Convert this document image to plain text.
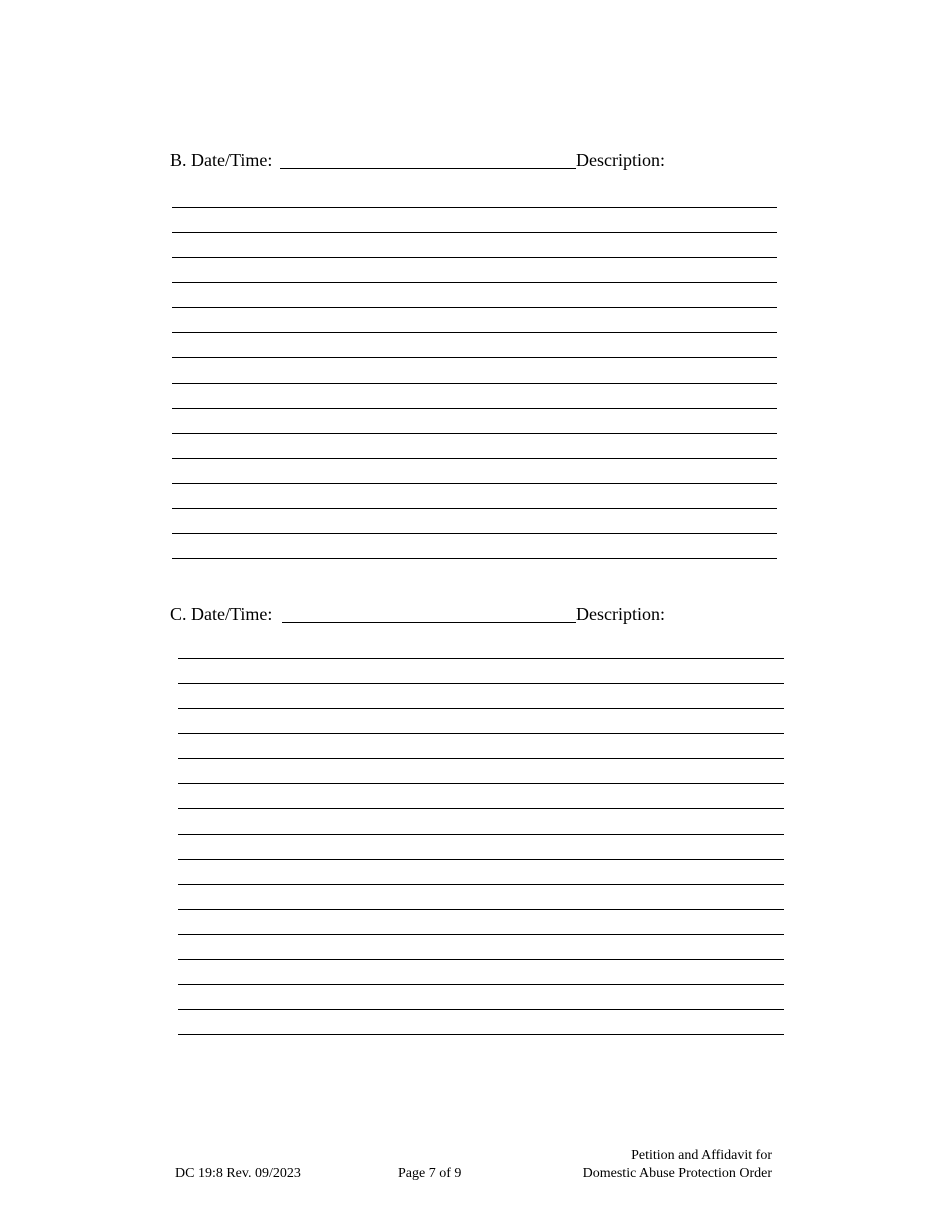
B. Date/Time:	Description:
C. Date/Time:	Description:
DC 19:8 Rev. 09/2023	Page 7 of 9
Petition and Affidavit for
Domestic Abuse Protection Order
